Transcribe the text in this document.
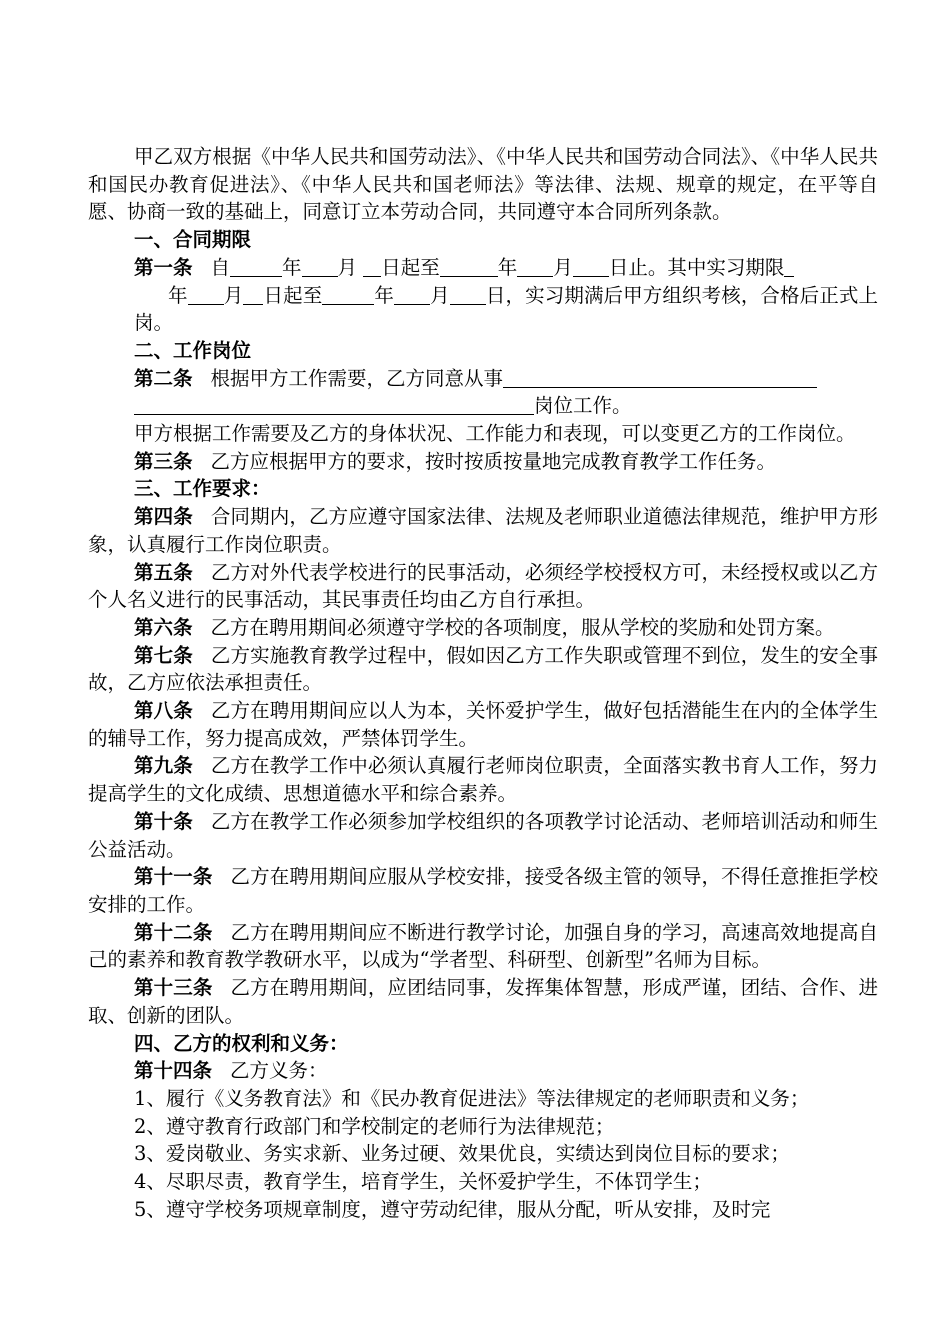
甲乙双方根据《中华人民共和国劳动法》、《中华人民共和国劳动合同法》、《中华人民共和国民办教育促进法》、《中华人民共和国老师法》等法律、法规、规章的规定，在平等自愿、协商一致的基础上，同意订立本劳动合同，共同遵守本合同所列条款。

一、合同期限

第一条 自	年 月 日起至	年 月 日止。其中实习期限
年 月 日起至	年 月 日，实习期满后甲方组织考核，合格后正式上岗。

二、工作岗位

第二条 根据甲方工作需要，乙方同意从事
岗位工作。

甲方根据工作需要及乙方的身体状况、工作能力和表现，可以变更乙方的工作岗位。

第三条 乙方应根据甲方的要求，按时按质按量地完成教育教学工作任务。

三、工作要求：

第四条 合同期内，乙方应遵守国家法律、法规及老师职业道德法律规范，维护甲方形象，认真履行工作岗位职责。

第五条 乙方对外代表学校进行的民事活动，必须经学校授权方可，未经授权或以乙方个人名义进行的民事活动，其民事责任均由乙方自行承担。

第六条 乙方在聘用期间必须遵守学校的各项制度，服从学校的奖励和处罚方案。

第七条 乙方实施教育教学过程中，假如因乙方工作失职或管理不到位，发生的安全事故，乙方应依法承担责任。

第八条 乙方在聘用期间应以人为本，关怀爱护学生，做好包括潜能生在内的全体学生的辅导工作，努力提高成效，严禁体罚学生。

第九条 乙方在教学工作中必须认真履行老师岗位职责，全面落实教书育人工作，努力提高学生的文化成绩、思想道德水平和综合素养。

第十条 乙方在教学工作必须参加学校组织的各项教学讨论活动、老师培训活动和师生公益活动。

第十一条 乙方在聘用期间应服从学校安排，接受各级主管的领导，不得任意推拒学校安排的工作。

第十二条 乙方在聘用期间应不断进行教学讨论，加强自身的学习，高速高效地提高自己的素养和教育教学教研水平，以成为“学者型、科研型、创新型”名师为目标。

第十三条 乙方在聘用期间，应团结同事，发挥集体智慧，形成严谨，团结、合作、进取、创新的团队。

四、乙方的权利和义务：

第十四条 乙方义务：

1、履行《义务教育法》和《民办教育促进法》等法律规定的老师职责和义务；

2、遵守教育行政部门和学校制定的老师行为法律规范；

3、爱岗敬业、务实求新、业务过硬、效果优良，实绩达到岗位目标的要求；

4、尽职尽责，教育学生，培育学生，关怀爱护学生，不体罚学生；

5、遵守学校务项规章制度，遵守劳动纪律，服从分配，听从安排，及时完
